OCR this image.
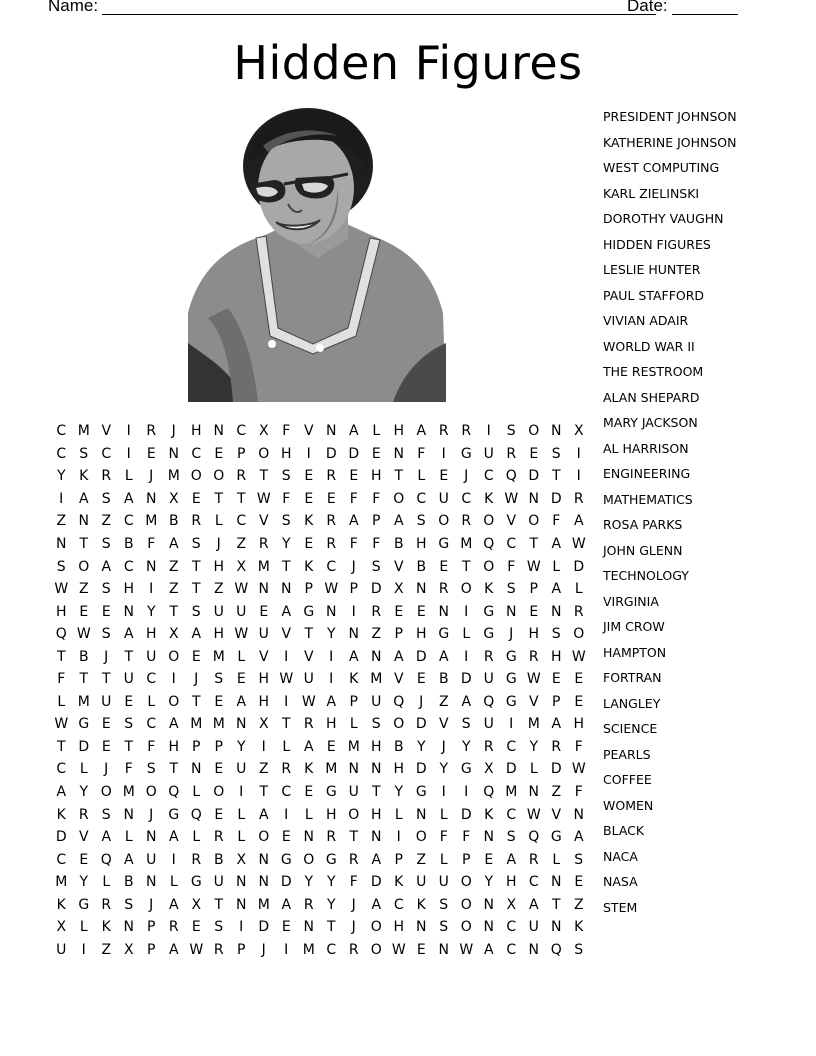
Name:	Date:
Hidden Figures
C M V	I	R	J	H N C X F V N A L H A R R	I	S O N X
C S C	I	E N C E P O H	I	D D E N F	I	G U R E S	I
Y K R L	J	M O O R T S E R E H T	L	E	J	C Q D T	I
I	A S A N X E T T W F	E E	F	F O C U C K W N D R
Z N Z C M B R L C V S K R A P A S O R O V O F A
N T S B F A S	J	Z R Y E R F	F B H G M Q C T A W
S O A C N Z T H X M T K C	J	S V B E T O F W L D
W Z S H	I	Z T Z W N N P W P D X N R O K S P A L
H E E N Y T S U U E A G N	I	R E E N	I	G N E N R
Q W S A H X A H W U V T Y N Z P H G L G	J	H S O
T B	J	T U O E M L V	I	V	I	A N A D A	I	R G R H W
F	T T U C	I	J	S E H W U	I	K M V E B D U G W E E
L M U E	L O T E A H	I W A P U Q	J	Z A Q G V P E
W G E S C A M M N X T R H L	S O D V S U	I	M A H
T D E T	F H P	P	Y	I	L A E M H B Y	J	Y R C Y R F
C L	J	F	S T N E U Z R K M N N H D Y G X D L D W
A Y O M O Q L O	I	T C E G U T Y G	I	I	Q M N Z F
K R S N	J	G Q E	L A	I	L H O H L N L D K C W V N
D V A L N A L R L O E N R T N	I	O F	F N S Q G A
C E Q A U	I	R B X N G O G R A P Z L	P E A R L	S
M Y	L B N L G U N N D Y Y	F D K U U O Y H C N E
K G R S	J	A X T N M A R Y	J	A C K S O N X A T Z
X L	K N P R E S	I	D E N T	J	O H N S O N C U N K
U	I	Z X P A W R P	J	I	M C R O W E N W A C N Q S
PRESIDENT JOHNSON
KATHERINE JOHNSON
WEST COMPUTING
KARL ZIELINSKI
DOROTHY VAUGHN
HIDDEN FIGURES
LESLIE HUNTER
PAUL STAFFORD
VIVIAN ADAIR
WORLD WAR II
THE RESTROOM
ALAN SHEPARD
MARY JACKSON
AL HARRISON
ENGINEERING
MATHEMATICS
ROSA PARKS
JOHN GLENN
TECHNOLOGY
VIRGINIA
JIM CROW
HAMPTON
FORTRAN
LANGLEY
SCIENCE
PEARLS
COFFEE
WOMEN
BLACK
NACA
NASA
STEM
